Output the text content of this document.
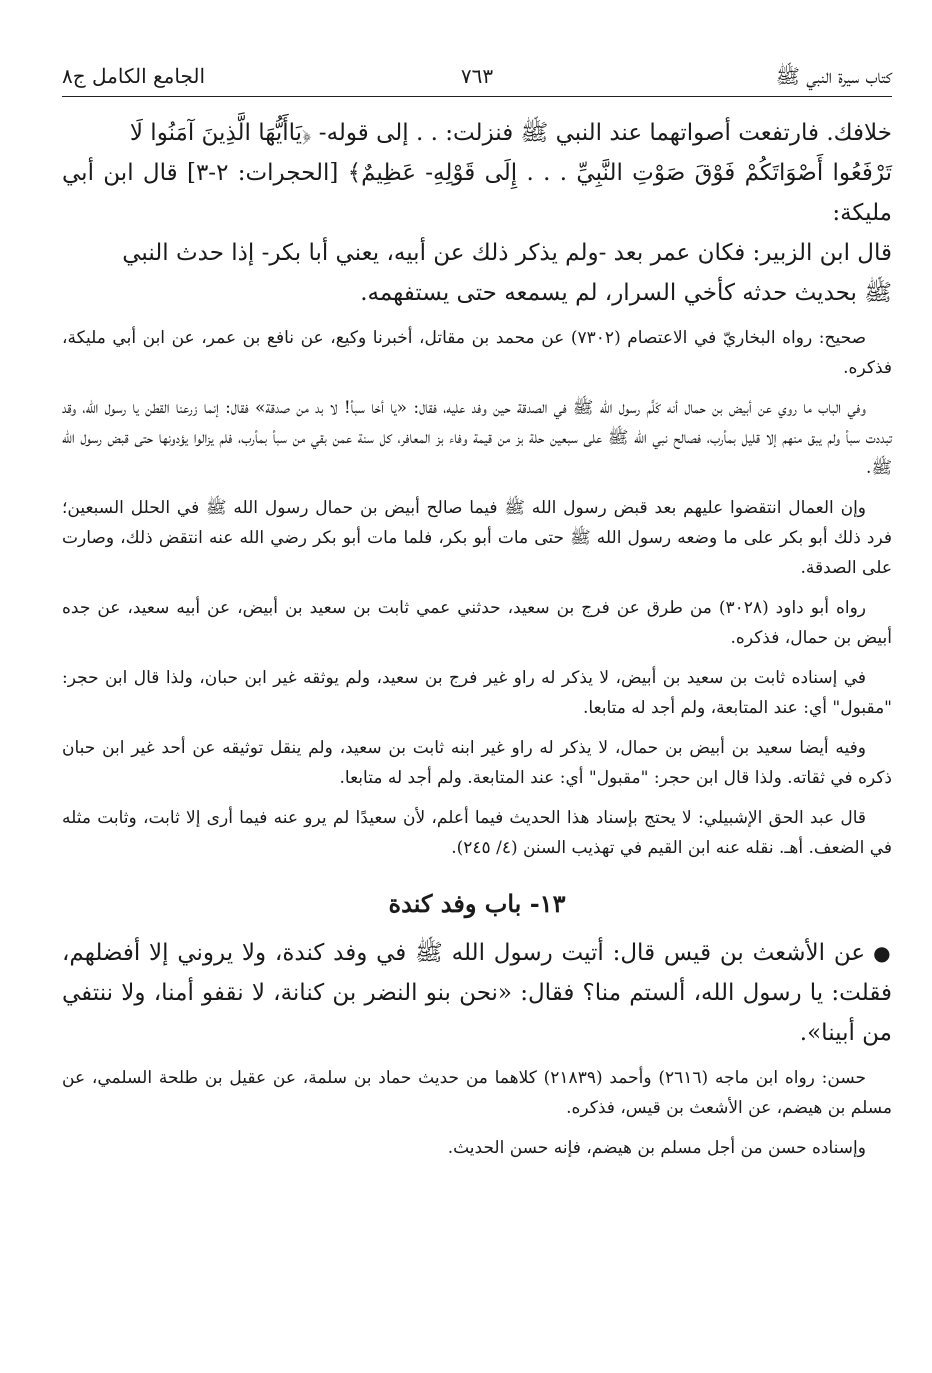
كتاب سيرة النبي ﷺ
٧٦٣
الجامع الكامل ج٨

خلافك. فارتفعت أصواتهما عند النبي ﷺ فنزلت: . . إلى قوله- ﴿يَاأَيُّهَا الَّذِينَ آمَنُوا لَا

تَرْفَعُوا أَصْوَاتَكُمْ فَوْقَ صَوْتِ النَّبِيِّ . . . إِلَى قَوْلِهِ- عَظِيمٌ﴾ [الحجرات: ٢-٣] قال ابن أبي مليكة:

قال ابن الزبير: فكان عمر بعد -ولم يذكر ذلك عن أبيه، يعني أبا بكر- إذا حدث النبي

ﷺ بحديث حدثه كأخي السرار، لم يسمعه حتى يستفهمه.

صحيح: رواه البخاريّ في الاعتصام (٧٣٠٢) عن محمد بن مقاتل، أخبرنا وكيع، عن نافع بن عمر، عن ابن أبي مليكة، فذكره.

وفي الباب ما روي عن أبيض بن حمال أنه كَلَّم رسول الله ﷺ في الصدقة حين وفد عليه، فقال: «يا أخا سبأ! لا بد من صدقة» فقال: إنما زرعنا القطن يا رسول الله، وقد تبددت سبأ ولم يبق منهم إلا قليل بمأرب، فصالح نبي الله ﷺ على سبعين حلة بز من قيمة وفاء بز المعافر، كل سنة عمن بقي من سبأ بمأرب، فلم يزالوا يؤدونها حتى قبض رسول الله ﷺ.

وإن العمال انتقضوا عليهم بعد قبض رسول الله ﷺ فيما صالح أبيض بن حمال رسول الله ﷺ في الحلل السبعين؛ فرد ذلك أبو بكر على ما وضعه رسول الله ﷺ حتى مات أبو بكر، فلما مات أبو بكر رضي الله عنه انتقض ذلك، وصارت على الصدقة.

رواه أبو داود (٣٠٢٨) من طرق عن فرج بن سعيد، حدثني عمي ثابت بن سعيد بن أبيض، عن أبيه سعيد، عن جده أبيض بن حمال، فذكره.

في إسناده ثابت بن سعيد بن أبيض، لا يذكر له راو غير فرج بن سعيد، ولم يوثقه غير ابن حبان، ولذا قال ابن حجر: "مقبول" أي: عند المتابعة، ولم أجد له متابعا.

وفيه أيضا سعيد بن أبيض بن حمال، لا يذكر له راو غير ابنه ثابت بن سعيد، ولم ينقل توثيقه عن أحد غير ابن حبان ذكره في ثقاته. ولذا قال ابن حجر: "مقبول" أي: عند المتابعة. ولم أجد له متابعا.

قال عبد الحق الإشبيلي: لا يحتج بإسناد هذا الحديث فيما أعلم، لأن سعيدًا لم يرو عنه فيما أرى إلا ثابت، وثابت مثله في الضعف. أهـ. نقله عنه ابن القيم في تهذيب السنن (٤/ ٢٤٥).

١٣- باب وفد كندة

●عن الأشعث بن قيس قال: أتيت رسول الله ﷺ في وفد كندة، ولا يروني إلا أفضلهم، فقلت: يا رسول الله، ألستم منا؟ فقال: «نحن بنو النضر بن كنانة، لا نقفو أمنا، ولا ننتفي من أبينا».

حسن: رواه ابن ماجه (٢٦١٦) وأحمد (٢١٨٣٩) كلاهما من حديث حماد بن سلمة، عن عقيل بن طلحة السلمي، عن مسلم بن هيضم، عن الأشعث بن قيس، فذكره.

وإسناده حسن من أجل مسلم بن هيضم، فإنه حسن الحديث.
